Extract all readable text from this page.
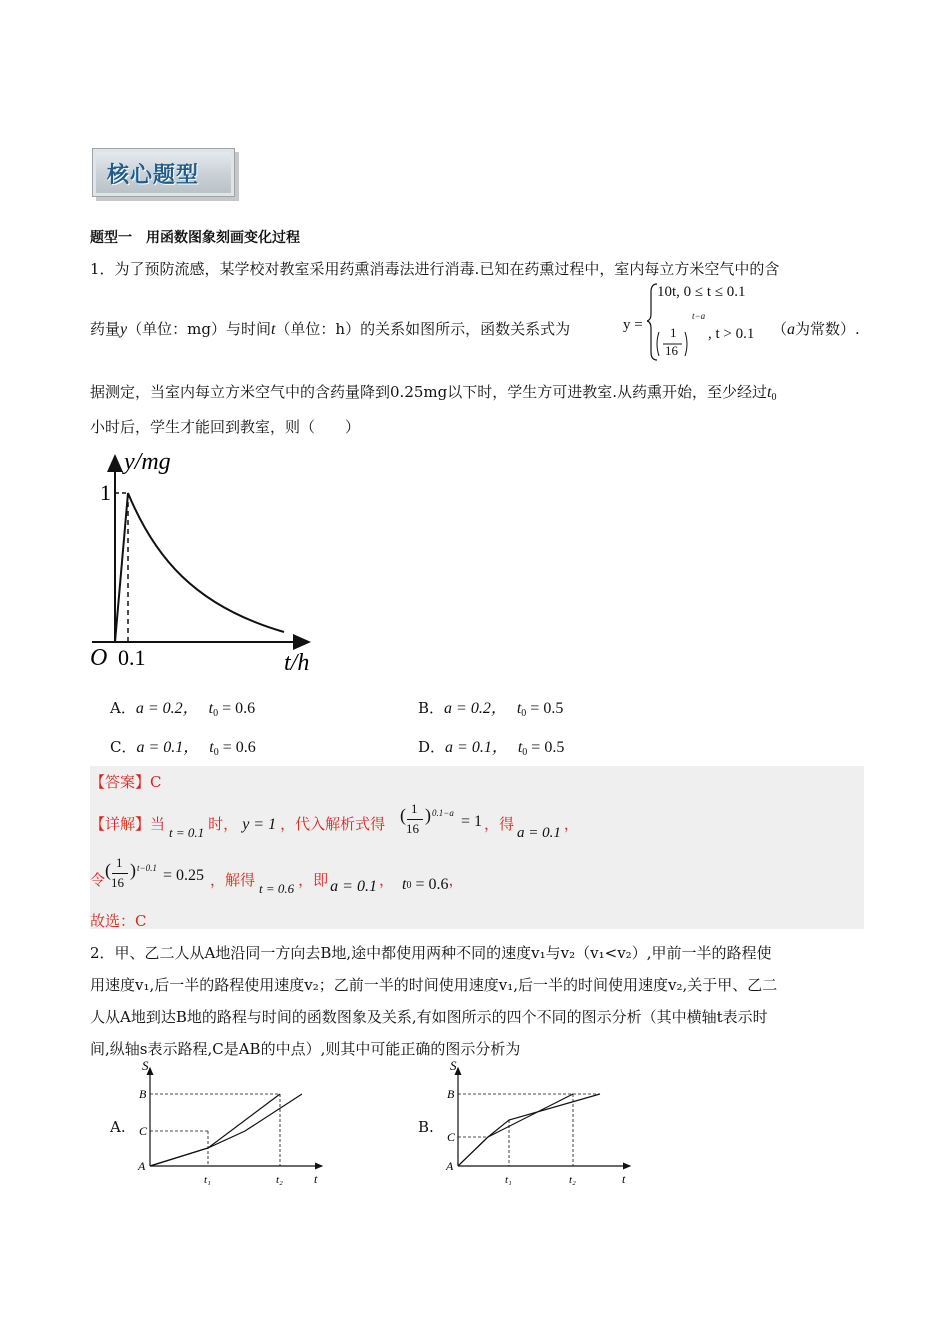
核心题型
题型一　用函数图象刻画变化过程
1．为了预防流感，某学校对教室采用药熏消毒法进行消毒.已知在药熏过程中，室内每立方米空气中的含
药量y（单位：mg）与时间t（单位：h）的关系如图所示，函数关系式为	y =
10t, 0 ≤ t ≤ 0.1
1
16
t−a
, t > 0.1 （a为常数）.
据测定，当室内每立方米空气中的含药量降到0.25mg以下时，学生方可进教室.从药熏开始，至少经过$t_0$
小时后，学生才能回到教室，则（　　）
y/mg
1
O 0.1	t/h
A．a = 0.2， $t_0 = 0.6$	B．a = 0.2， $t_0 = 0.5$
C．a = 0.1， $t_0 = 0.6$	D．a = 0.1， $t_0 = 0.5$
【答案】C
【详解】当 t = 0.1 时， y = 1 ，代入解析式得 ( 1
16
) 0.1−a = 1 ，得 a = 0.1 ，
令 ( 1
16
) t−0.1 = 0.25 ，解得 t = 0.6 ，即 a = 0.1 ， $t_0 = 0.6$，
故选：C
2．甲、乙二人从A地沿同一方向去B地,途中都使用两种不同的速度v₁与v₂（v₁<v₂）,甲前一半的路程使
用速度v₁,后一半的路程使用速度v₂；乙前一半的时间使用速度v₁,后一半的时间使用速度v₂,关于甲、乙二
人从A地到达B地的路程与时间的函数图象及关系,有如图所示的四个不同的图示分析（其中横轴t表示时
间,纵轴s表示路程,C是AB的中点）,则其中可能正确的图示分析为
A.
S
B
C
A
t₁	t₂	t
B.
S
B
C
A
t₁	t₂	t
